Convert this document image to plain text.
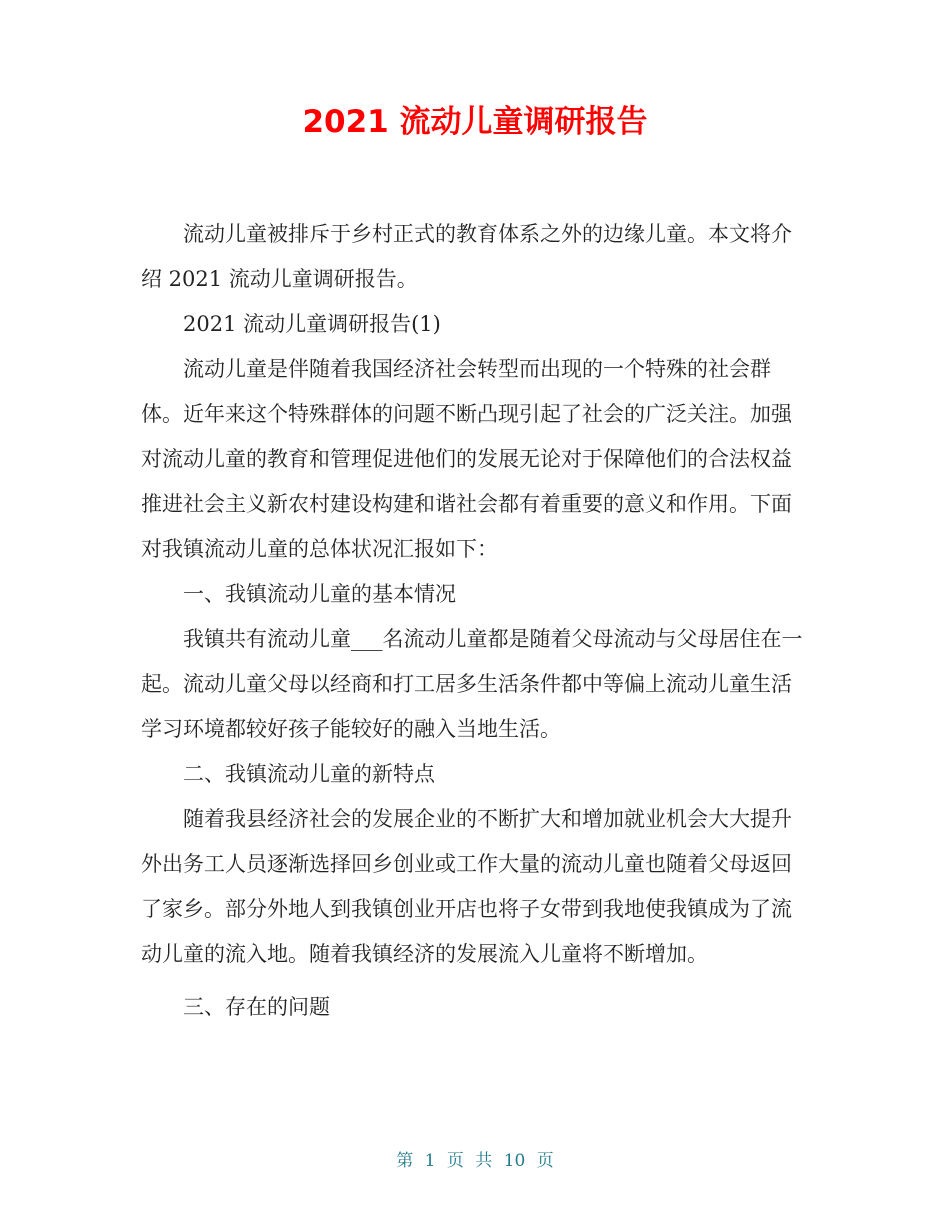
2021 流动儿童调研报告

流动儿童被排斥于乡村正式的教育体系之外的边缘儿童。本文将介绍 2021 流动儿童调研报告。

2021 流动儿童调研报告(1)

流动儿童是伴随着我国经济社会转型而出现的一个特殊的社会群体。近年来这个特殊群体的问题不断凸现引起了社会的广泛关注。加强对流动儿童的教育和管理促进他们的发展无论对于保障他们的合法权益推进社会主义新农村建设构建和谐社会都有着重要的意义和作用。下面对我镇流动儿童的总体状况汇报如下：

一、我镇流动儿童的基本情况

我镇共有流动儿童___名流动儿童都是随着父母流动与父母居住在一起。流动儿童父母以经商和打工居多生活条件都中等偏上流动儿童生活学习环境都较好孩子能较好的融入当地生活。

二、我镇流动儿童的新特点

随着我县经济社会的发展企业的不断扩大和增加就业机会大大提升外出务工人员逐渐选择回乡创业或工作大量的流动儿童也随着父母返回了家乡。部分外地人到我镇创业开店也将子女带到我地使我镇成为了流动儿童的流入地。随着我镇经济的发展流入儿童将不断增加。

三、存在的问题

第 1 页 共 10 页
